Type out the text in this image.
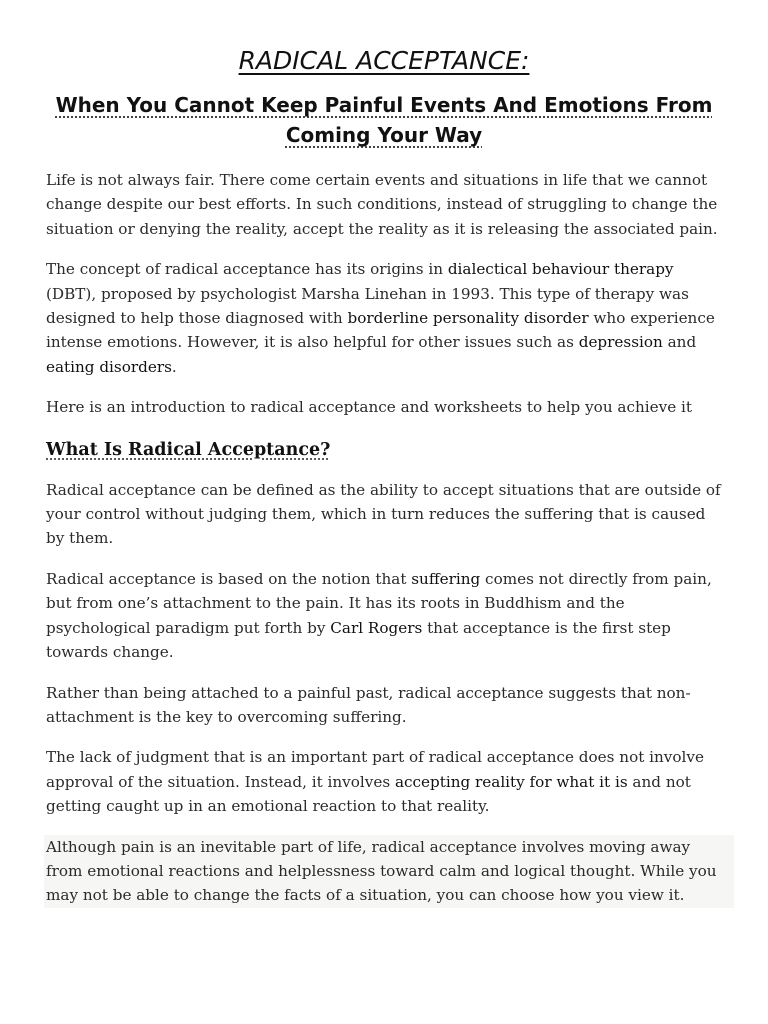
RADICAL ACCEPTANCE:
When You Cannot Keep Painful Events And Emotions From Coming Your Way

Life is not always fair. There come certain events and situations in life that we cannot change despite our best efforts. In such conditions, instead of struggling to change the situation or denying the reality, accept the reality as it is releasing the associated pain.

The concept of radical acceptance has its origins in dialectical behaviour therapy (DBT), proposed by psychologist Marsha Linehan in 1993. This type of therapy was designed to help those diagnosed with borderline personality disorder who experience intense emotions. However, it is also helpful for other issues such as depression and eating disorders.

Here is an introduction to radical acceptance and worksheets to help you achieve it

What Is Radical Acceptance?

Radical acceptance can be defined as the ability to accept situations that are outside of your control without judging them, which in turn reduces the suffering that is caused by them.

Radical acceptance is based on the notion that suffering comes not directly from pain, but from one’s attachment to the pain. It has its roots in Buddhism and the psychological paradigm put forth by Carl Rogers that acceptance is the first step towards change.

Rather than being attached to a painful past, radical acceptance suggests that non-attachment is the key to overcoming suffering.

The lack of judgment that is an important part of radical acceptance does not involve approval of the situation. Instead, it involves accepting reality for what it is and not getting caught up in an emotional reaction to that reality.

Although pain is an inevitable part of life, radical acceptance involves moving away from emotional reactions and helplessness toward calm and logical thought. While you may not be able to change the facts of a situation, you can choose how you view it.
